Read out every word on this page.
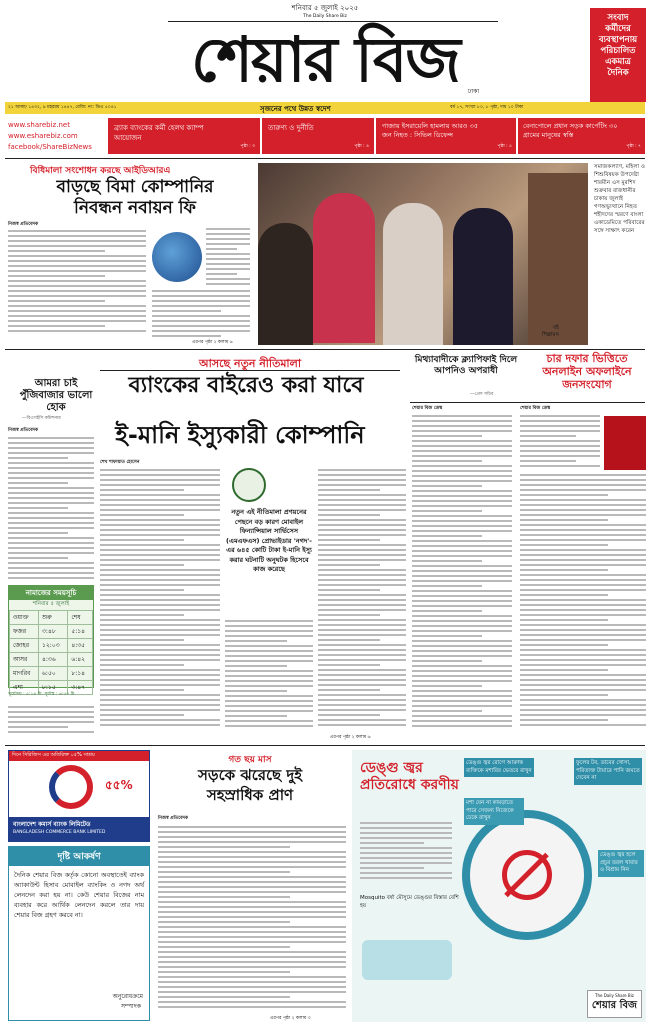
শনিবার ৫ জুলাই ২০২৫
The Daily Share Biz
শেয়ার বিজ	ঢাকা
সংবাদ কর্মীদের ব্যবস্থাপনায় পরিচালিত একমাত্র দৈনিক
২১ আষাঢ় ১৪৩২, ৯ মহররম ১৪৪৭, রেজি: নং: ডিএ ৫০৪১	সৃজনের পথে উন্নত স্বদেশ	বর্ষ ১৭, সংখ্যা ৮০, ৮ পৃষ্ঠা, দাম ১০ টাকা
www.sharebiz.net
www.esharebiz.com
facebook/ShareBizNews
ব্র্যাক ব্যাংকের কর্মী হেলথ ক্যাম্প আয়োজন
পৃষ্ঠা : ৩
তারুণ্য ও দুর্নীতি
পৃষ্ঠা : ৪
গাজায় ইসরায়েলি হামলায় আরও ৩৫ জন নিহত : সিভিল ডিফেন্স
পৃষ্ঠা : ৫
বেনাপোলে প্রধান সড়ক কার্পেটিং ৩০ গ্রামের মানুষের স্বস্তি
পৃষ্ঠা : ৭
বিধিমালা সংশোধন করছে আইডিআরএ
বাড়ছে বিমা কোম্পানির নিবন্ধন নবায়ন ফি
নিজস্ব প্রতিবেদক
এরপর পৃষ্ঠা ২ কলাম ৬
বই
শিল্পায়ন
সমাজকল্যাণ, মহিলা ও শিশুবিষয়ক উপদেষ্টা শারমীন এস মুরশিদ শুক্রবার রাজধানীর চাকায় জুলাই গণঅভ্যুত্থানে নিহত শহীদদের স্মরণে বাংলা একাডেমিতে পরিবারের সঙ্গে সাক্ষাৎ করেন
আমরা চাই পুঁজিবাজার ভালো হোক
—বিএসইসি কমিশনার
আসছে নতুন নীতিমালা
ব্যাংকের বাইরেও করা যাবে
ই-মানি ইস্যুকারী কোম্পানি
নিজস্ব প্রতিবেদক
শেখ শাফায়াত হোসেন
নতুন এই নীতিমালা প্রণয়নের পেছনে বড় কারণ মোবাইল ফিন্যান্সিয়াল সার্ভিসেস (এমএফএস) প্রোভাইডার 'নগদ'-এর ৬৪৫ কোটি টাকা ই-মানি ইস্যু করার ঘটনাটি অনুঘটক হিসেবে কাজ করেছে
এরপর পৃষ্ঠা ২ কলাম ৬
নামাজের সময়সূচি
শনিবার ৫ জুলাই
ওয়াক্ত	শুরু	শেষ
ফজর	৩:৪৮	৫:১৪
জোহর	১২:০৩	৪:৩৫
আসর	৪:৩৬	৬:৪২
মাগরিব	৬:৫০	৮:১৪
এশা	৮:১৫	৩:৪৭
সূর্যোদয় : ৫:১৪ মি. সূর্যাস্ত : ৬:৫০ মি.
মিথ্যাবাদীকে ক্ল্যাপিফাই দিলে আপনিও অপরাধী
—প্রেস সচিব
চার দফার ভিত্তিতে অনলাইন অফলাইনে জনসংযোগ
শেয়ার বিজ ডেস্ক	শেয়ার বিজ ডেস্ক
দিনে সিরিজিস এর অতিরিক্ত ০৫% সাশ্রয়
৫৫%
বাংলাদেশ কমার্স ব্যাংক লিমিটেড
BANGLADESH COMMERCE BANK LIMITED
দৃষ্টি আকর্ষণ
দৈনিক শেয়ার বিজ কর্তৃক কোনো অবস্থাতেই ব্যাংক অ্যাকাউন্ট হিসাব মোবাইল ব্যাংকিং ও নগদ অর্থ লেনদেন করা হয় না। কেউ শেয়ার বিজের নাম ব্যবহার করে আর্থিক লেনদেন করলে তার দায় শেয়ার বিজ গ্রহণ করবে না।
অনুরোধক্রমে
সম্পাদক
গত ছয় মাস
সড়কে ঝরেছে দুই
সহস্রাধিক প্রাণ
নিজস্ব প্রতিবেদক
এরপর পৃষ্ঠা ২ কলাম ৩
ডেঙ্গু জ্বর প্রতিরোধে করণীয়
ডেঙ্গু জ্বর রোগে আক্রান্ত ব্যক্তিকে মশারির ভেতরে রাখুন
মশা যেন না কামড়াতে পারে সেজন্য নিজেকে ঢেকে রাখুন
ফুলের টব, ডাবের খোসা, পরিত্যক্ত টায়ারে পানি জমতে দেবেন না
ডেঙ্গু জ্বর হলে প্রচুর তরল খাবার ও বিশ্রাম নিন
Mosquito বর্ষা মৌসুমে ডেঙ্গুর বিস্তার বেশি হয়
The Daily Share Biz
শেয়ার বিজ
